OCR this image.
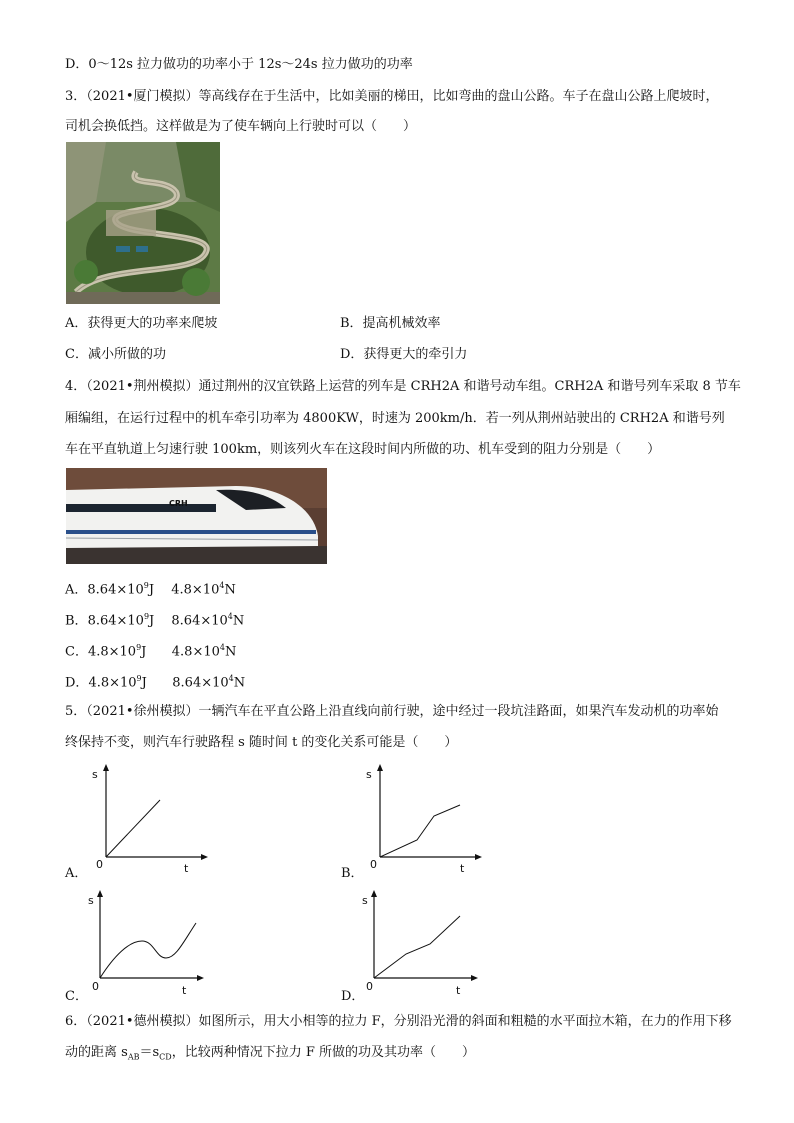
D．0～12s 拉力做功的功率小于 12s～24s 拉力做功的功率
3．（2021•厦门模拟）等高线存在于生活中，比如美丽的梯田，比如弯曲的盘山公路。车子在盘山公路上爬坡时，
司机会换低挡。这样做是为了使车辆向上行驶时可以（　　）
A．获得更大的功率来爬坡	B．提高机械效率
C．减小所做的功	D．获得更大的牵引力
4．（2021•荆州模拟）通过荆州的汉宜铁路上运营的列车是 CRH2A 和谐号动车组。CRH2A 和谐号列车采取 8 节车
厢编组，在运行过程中的机车牵引功率为 4800KW，时速为 200km/h．若一列从荆州站驶出的 CRH2A 和谐号列
车在平直轨道上匀速行驶 100km，则该列火车在这段时间内所做的功、机车受到的阻力分别是（　　）
CRH
A．$8.64\times 10^9J$　 $4.8\times 10^4N$
B．$8.64\times 10^9J$　 $8.64\times 10^4N$
C．$4.8\times 10^9J$　 $4.8\times 10^4N$
D．$4.8\times 10^9J$　 $8.64\times 10^4N$
5．（2021•徐州模拟）一辆汽车在平直公路上沿直线向前行驶，途中经过一段坑洼路面，如果汽车发动机的功率始
终保持不变，则汽车行驶路程 s 随时间 t 的变化关系可能是（　　）
A．
s
t
0
B．
s
t
0
C．
s
t
0
D．
s
t
0
6．（2021•德州模拟）如图所示，用大小相等的拉力 F，分别沿光滑的斜面和粗糙的水平面拉木箱，在力的作用下移
动的距离 $s_{AB}=s_{CD}$，比较两种情况下拉力 F 所做的功及其功率（　　）
